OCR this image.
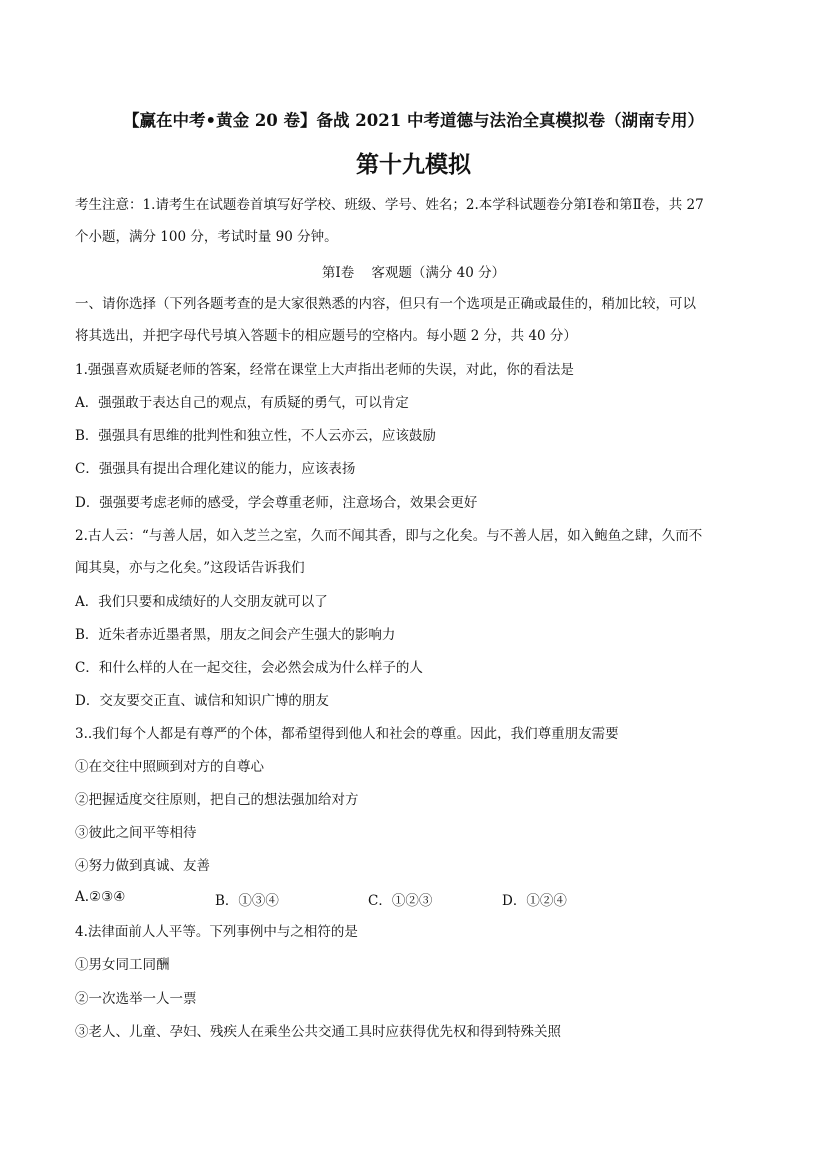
【赢在中考•黄金 20 卷】备战 2021 中考道德与法治全真模拟卷（湖南专用）
第十九模拟
考生注意：1.请考生在试题卷首填写好学校、班级、学号、姓名；2.本学科试题卷分第Ⅰ卷和第Ⅱ卷，共 27
个小题，满分 100 分，考试时量 90 分钟。
第Ⅰ卷    客观题（满分 40 分）
一、请你选择（下列各题考查的是大家很熟悉的内容，但只有一个选项是正确或最佳的，稍加比较，可以
将其选出，并把字母代号填入答题卡的相应题号的空格内。每小题 2 分，共 40 分）
1.强强喜欢质疑老师的答案，经常在课堂上大声指出老师的失误，对此，你的看法是
A．强强敢于表达自己的观点，有质疑的勇气，可以肯定
B．强强具有思维的批判性和独立性，不人云亦云，应该鼓励
C．强强具有提出合理化建议的能力，应该表扬
D．强强要考虑老师的感受，学会尊重老师，注意场合，效果会更好
2.古人云：“与善人居，如入芝兰之室，久而不闻其香，即与之化矣。与不善人居，如入鲍鱼之肆，久而不
闻其臭，亦与之化矣。”这段话告诉我们
A．我们只要和成绩好的人交朋友就可以了
B．近朱者赤近墨者黑，朋友之间会产生强大的影响力
C．和什么样的人在一起交往，会必然会成为什么样子的人
D．交友要交正直、诚信和知识广博的朋友
3..我们每个人都是有尊严的个体，都希望得到他人和社会的尊重。因此，我们尊重朋友需要
①在交往中照顾到对方的自尊心
②把握适度交往原则，把自己的想法强加给对方
③彼此之间平等相待
④努力做到真诚、友善
A.②③④	B．①③④	C．①②③	D．①②④
4.法律面前人人平等。下列事例中与之相符的是
①男女同工同酬
②一次选举一人一票
③老人、儿童、孕妇、残疾人在乘坐公共交通工具时应获得优先权和得到特殊关照
